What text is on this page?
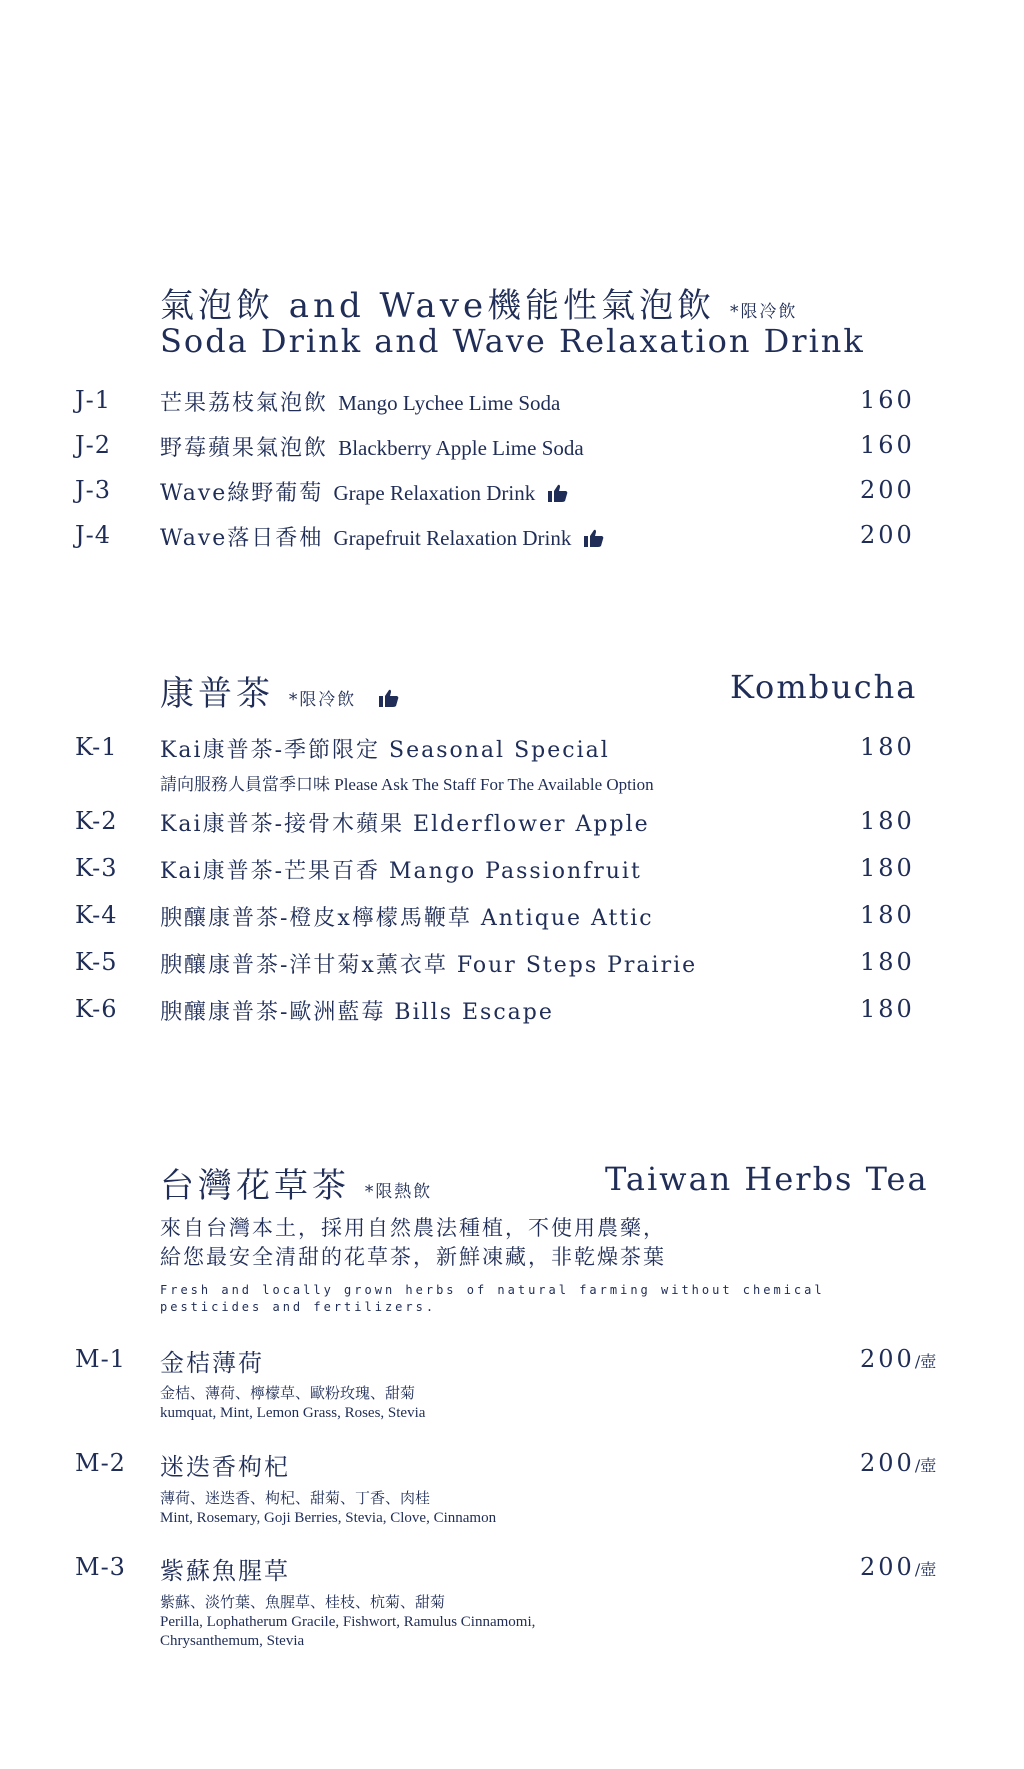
氣泡飲 and Wave機能性氣泡飲 *限冷飲
Soda Drink and Wave Relaxation Drink
J-1 芒果荔枝氣泡飲 Mango Lychee Lime Soda	160
J-2 野莓蘋果氣泡飲 Blackberry Apple Lime Soda	160
J-3 Wave綠野葡萄 Grape Relaxation Drink	200
J-4 Wave落日香柚 Grapefruit Relaxation Drink	200
康普茶 *限冷飲	Kombucha
K-1 Kai康普茶-季節限定 Seasonal Special
請向服務人員當季口味 Please Ask The Staff For The Available Option
180
K-2 Kai康普茶-接骨木蘋果 Elderflower Apple	180
K-3 Kai康普茶-芒果百香 Mango Passionfruit	180
K-4 腴釀康普茶-橙皮x檸檬馬鞭草 Antique Attic	180
K-5 腴釀康普茶-洋甘菊x薰衣草 Four Steps Prairie	180
K-6 腴釀康普茶-歐洲藍莓 Bills Escape	180
台灣花草茶 *限熱飲	Taiwan Herbs Tea
來自台灣本土，採用自然農法種植，不使用農藥，
給您最安全清甜的花草茶，新鮮凍藏，非乾燥茶葉
Fresh and locally grown herbs of natural farming without chemical
pesticides and fertilizers.
M-1 金桔薄荷
金桔、薄荷、檸檬草、歐粉玫瑰、甜菊
kumquat, Mint, Lemon Grass, Roses, Stevia
200/壺
M-2 迷迭香枸杞
薄荷、迷迭香、枸杞、甜菊、丁香、肉桂
Mint, Rosemary, Goji Berries, Stevia, Clove, Cinnamon
200/壺
M-3 紫蘇魚腥草
紫蘇、淡竹葉、魚腥草、桂枝、杭菊、甜菊
Perilla, Lophatherum Gracile, Fishwort, Ramulus Cinnamomi,
Chrysanthemum, Stevia
200/壺
